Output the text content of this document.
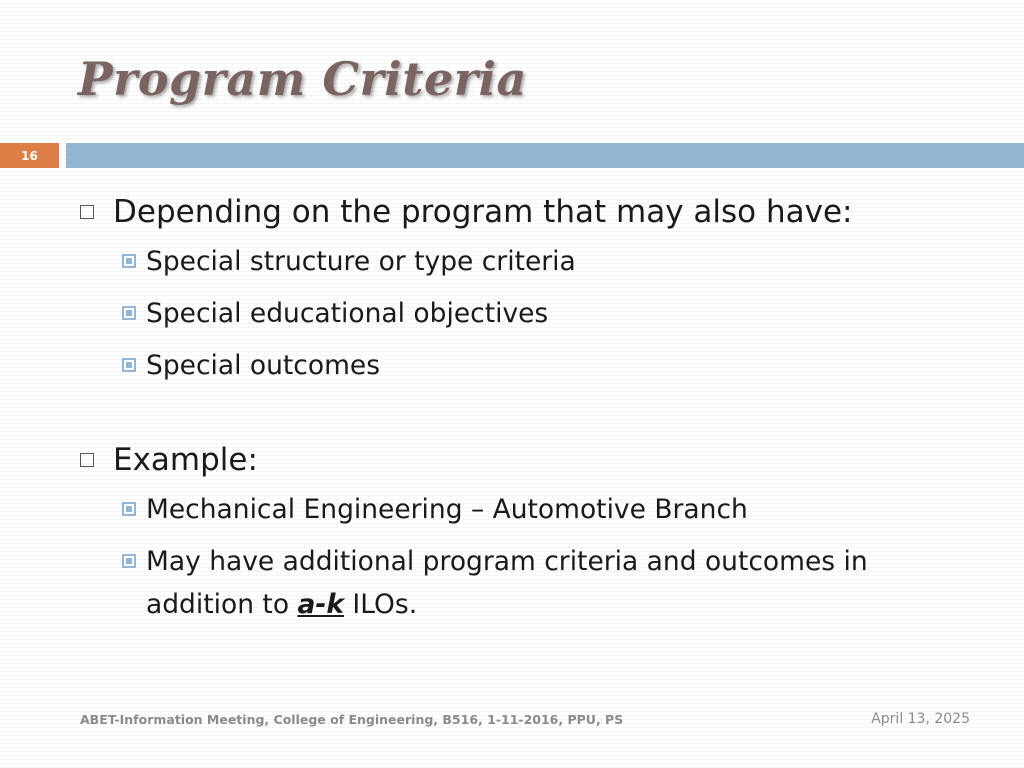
Program Criteria
16
Depending on the program that may also have:
Special structure or type criteria
Special educational objectives
Special outcomes
Example:
Mechanical Engineering – Automotive Branch
May have additional program criteria and outcomes in addition to a-k ILOs.
ABET-Information Meeting, College of Engineering, B516, 1-11-2016, PPU, PS	April 13, 2025
